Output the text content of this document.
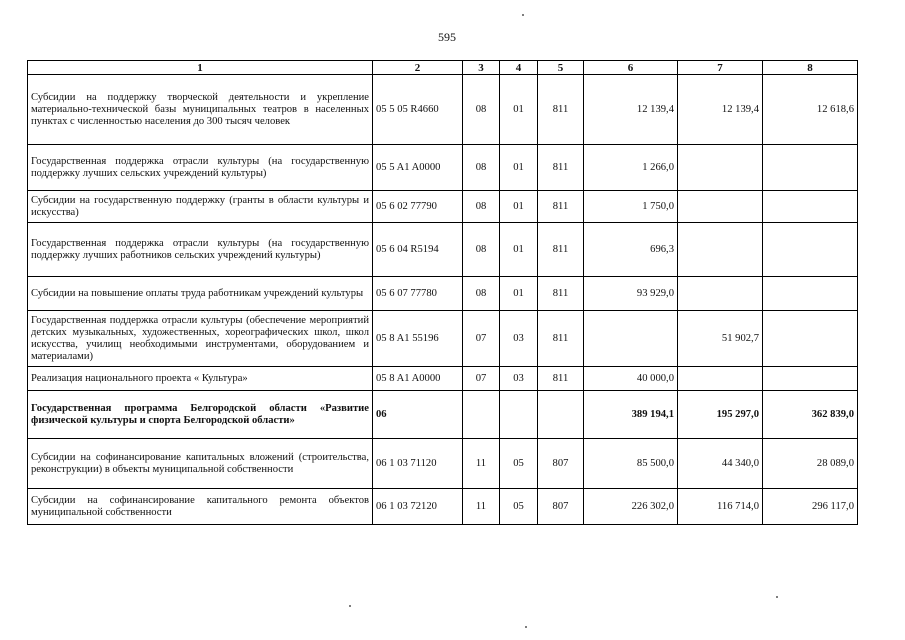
595
1	2	3	4	5	6	7	8
Субсидии на поддержку творческой деятельности и укрепление материально-технической базы муниципальных театров в населенных пунктах с численностью населения до 300 тысяч человек	05 5 05 R4660	08	01	811	12 139,4	12 139,4	12 618,6
Государственная поддержка отрасли культуры (на государственную поддержку лучших сельских учреждений культуры)	05 5 A1 A0000	08	01	811	1 266,0		
Субсидии на государственную поддержку (гранты в области культуры и искусства)	05 6 02 77790	08	01	811	1 750,0		
Государственная поддержка отрасли культуры (на государственную поддержку лучших работников сельских учреждений культуры)	05 6 04 R5194	08	01	811	696,3		
Субсидии на повышение оплаты труда работникам учреждений культуры	05 6 07 77780	08	01	811	93 929,0		
Государственная поддержка отрасли культуры (обеспечение мероприятий детских музыкальных, художественных, хореографических школ, школ искусства, училищ необходимыми инструментами, оборудованием и материалами)	05 8 A1 55196	07	03	811		51 902,7	
Реализация национального проекта « Культура»	05 8 A1 A0000	07	03	811	40 000,0		
Государственная программа Белгородской области «Развитие физической культуры и спорта Белгородской области»	06				389 194,1	195 297,0	362 839,0
Субсидии на софинансирование капитальных вложений (строительства, реконструкции) в объекты муниципальной собственности	06 1 03 71120	11	05	807	85 500,0	44 340,0	28 089,0
Субсидии на софинансирование капитального ремонта объектов муниципальной собственности	06 1 03 72120	11	05	807	226 302,0	116 714,0	296 117,0
